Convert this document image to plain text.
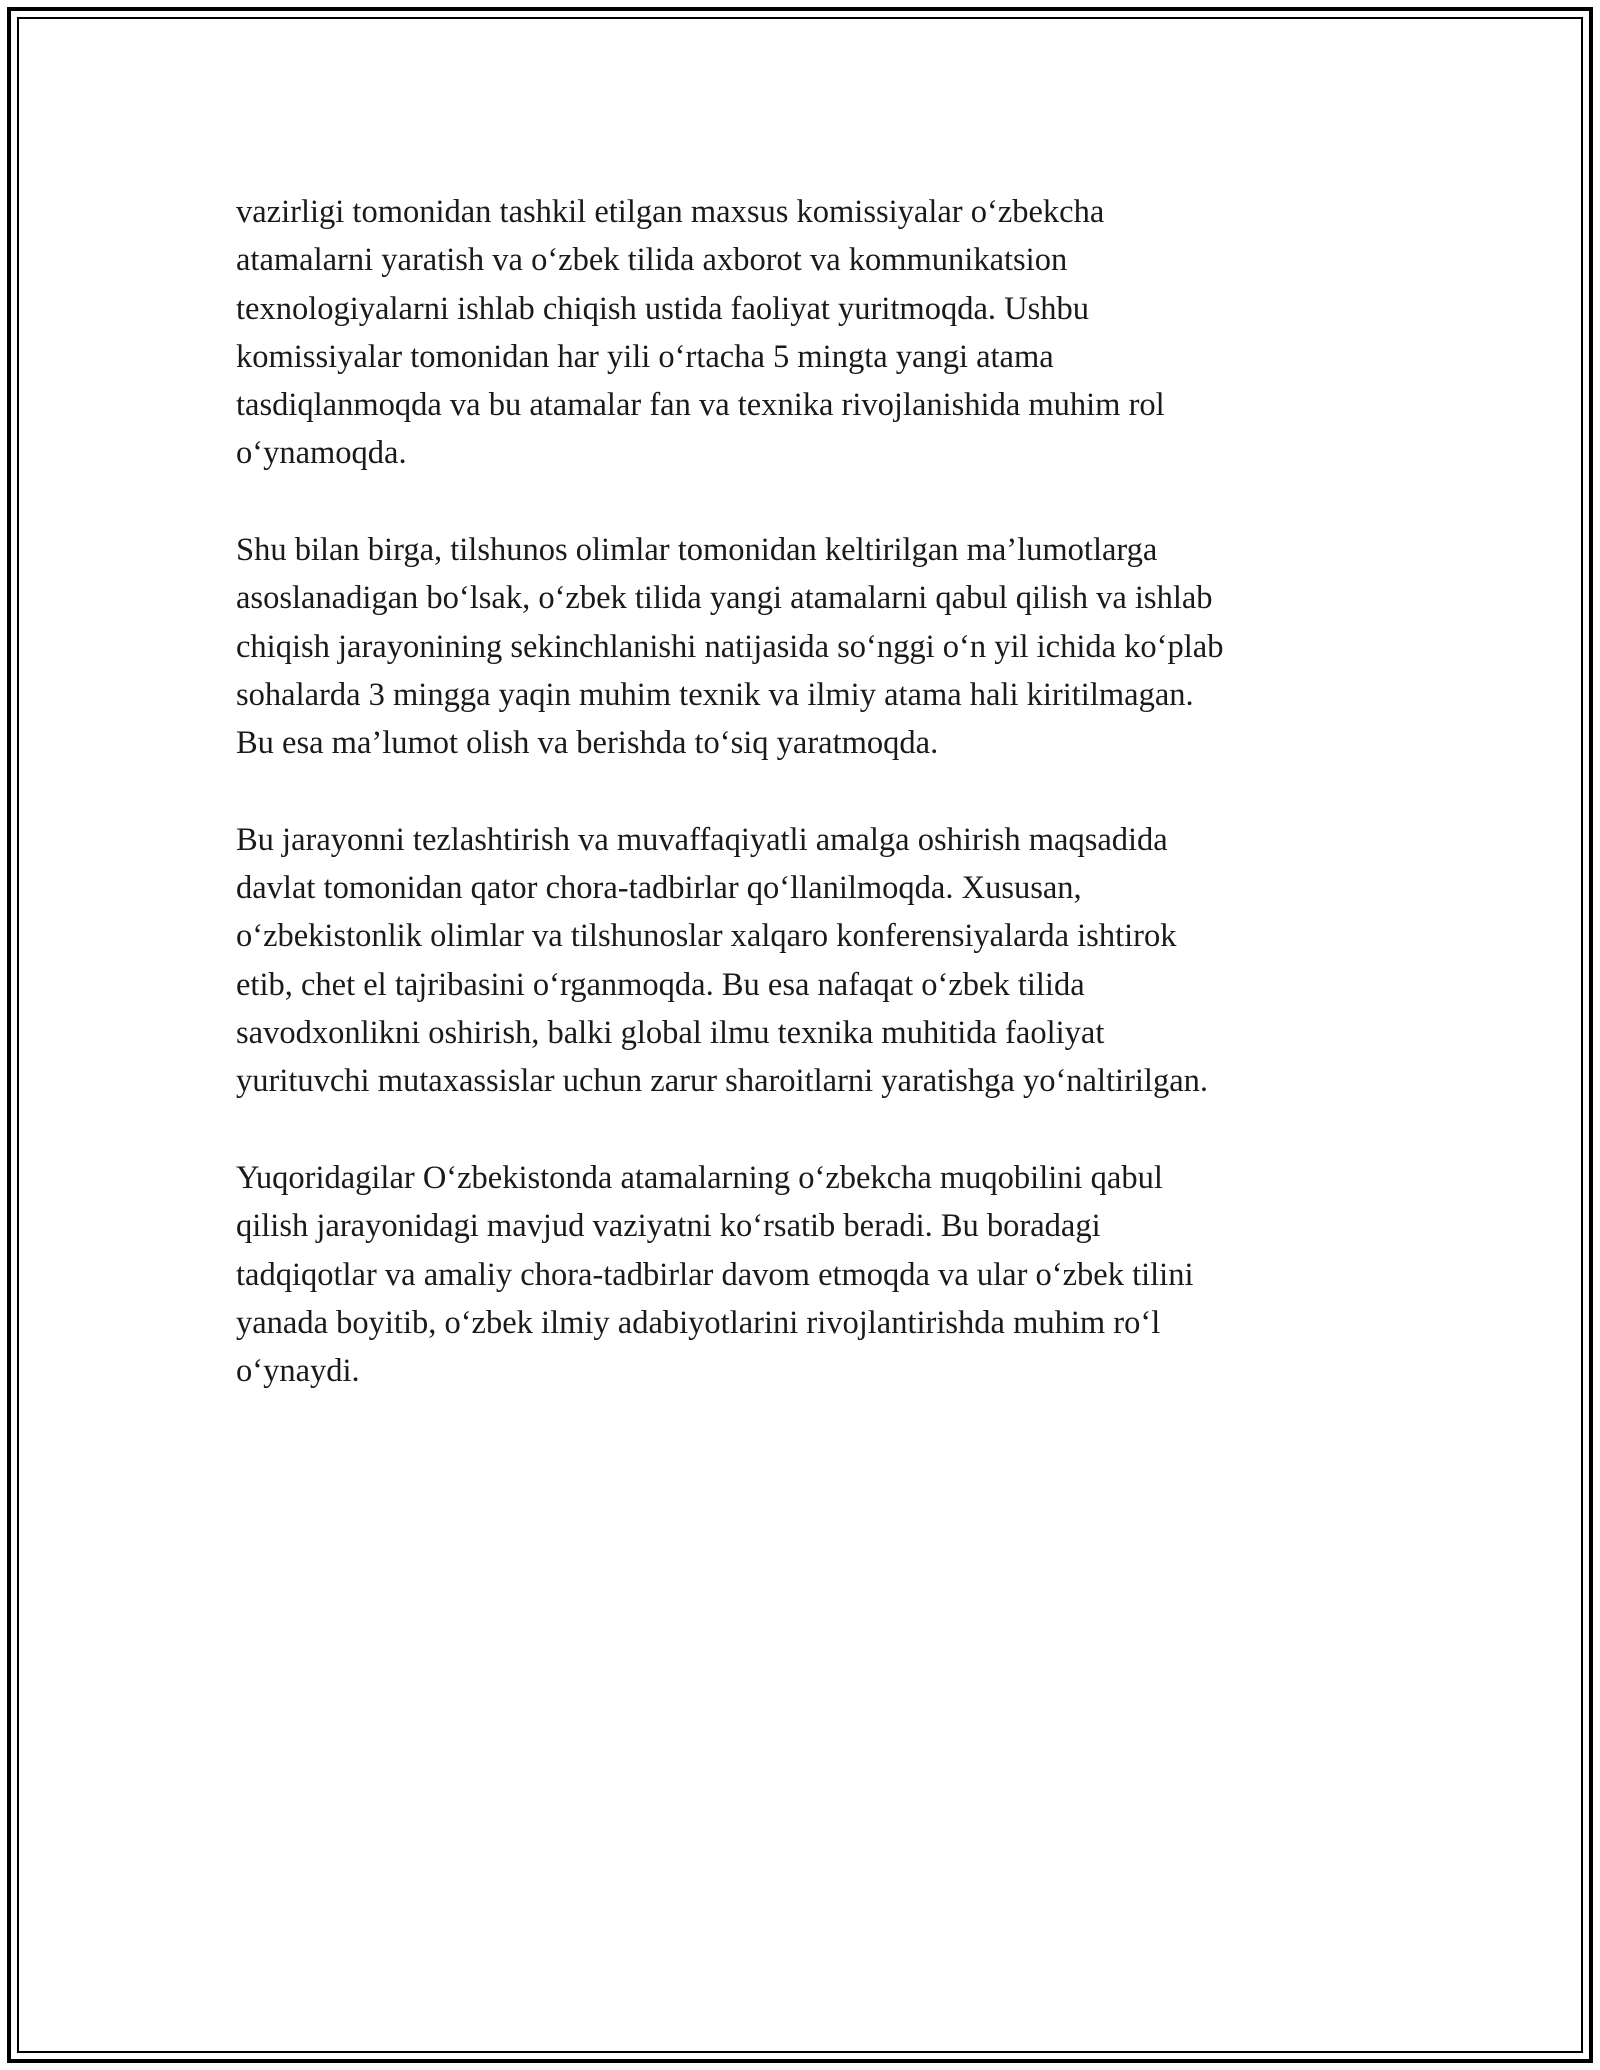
vazirligi tomonidan tashkil etilgan maxsus komissiyalar o‘zbekcha
atamalarni yaratish va o‘zbek tilida axborot va kommunikatsion
texnologiyalarni ishlab chiqish ustida faoliyat yuritmoqda. Ushbu
komissiyalar tomonidan har yili o‘rtacha 5 mingta yangi atama
tasdiqlanmoqda va bu atamalar fan va texnika rivojlanishida muhim rol
o‘ynamoqda.

Shu bilan birga, tilshunos olimlar tomonidan keltirilgan ma’lumotlarga
asoslanadigan bo‘lsak, o‘zbek tilida yangi atamalarni qabul qilish va ishlab
chiqish jarayonining sekinchlanishi natijasida so‘nggi o‘n yil ichida ko‘plab
sohalarda 3 mingga yaqin muhim texnik va ilmiy atama hali kiritilmagan.
Bu esa ma’lumot olish va berishda to‘siq yaratmoqda.

Bu jarayonni tezlashtirish va muvaffaqiyatli amalga oshirish maqsadida
davlat tomonidan qator chora-tadbirlar qo‘llanilmoqda. Xususan,
o‘zbekistonlik olimlar va tilshunoslar xalqaro konferensiyalarda ishtirok
etib, chet el tajribasini o‘rganmoqda. Bu esa nafaqat o‘zbek tilida
savodxonlikni oshirish, balki global ilmu texnika muhitida faoliyat
yurituvchi mutaxassislar uchun zarur sharoitlarni yaratishga yo‘naltirilgan.

Yuqoridagilar O‘zbekistonda atamalarning o‘zbekcha muqobilini qabul
qilish jarayonidagi mavjud vaziyatni ko‘rsatib beradi. Bu boradagi
tadqiqotlar va amaliy chora-tadbirlar davom etmoqda va ular o‘zbek tilini
yanada boyitib, o‘zbek ilmiy adabiyotlarini rivojlantirishda muhim ro‘l
o‘ynaydi.
